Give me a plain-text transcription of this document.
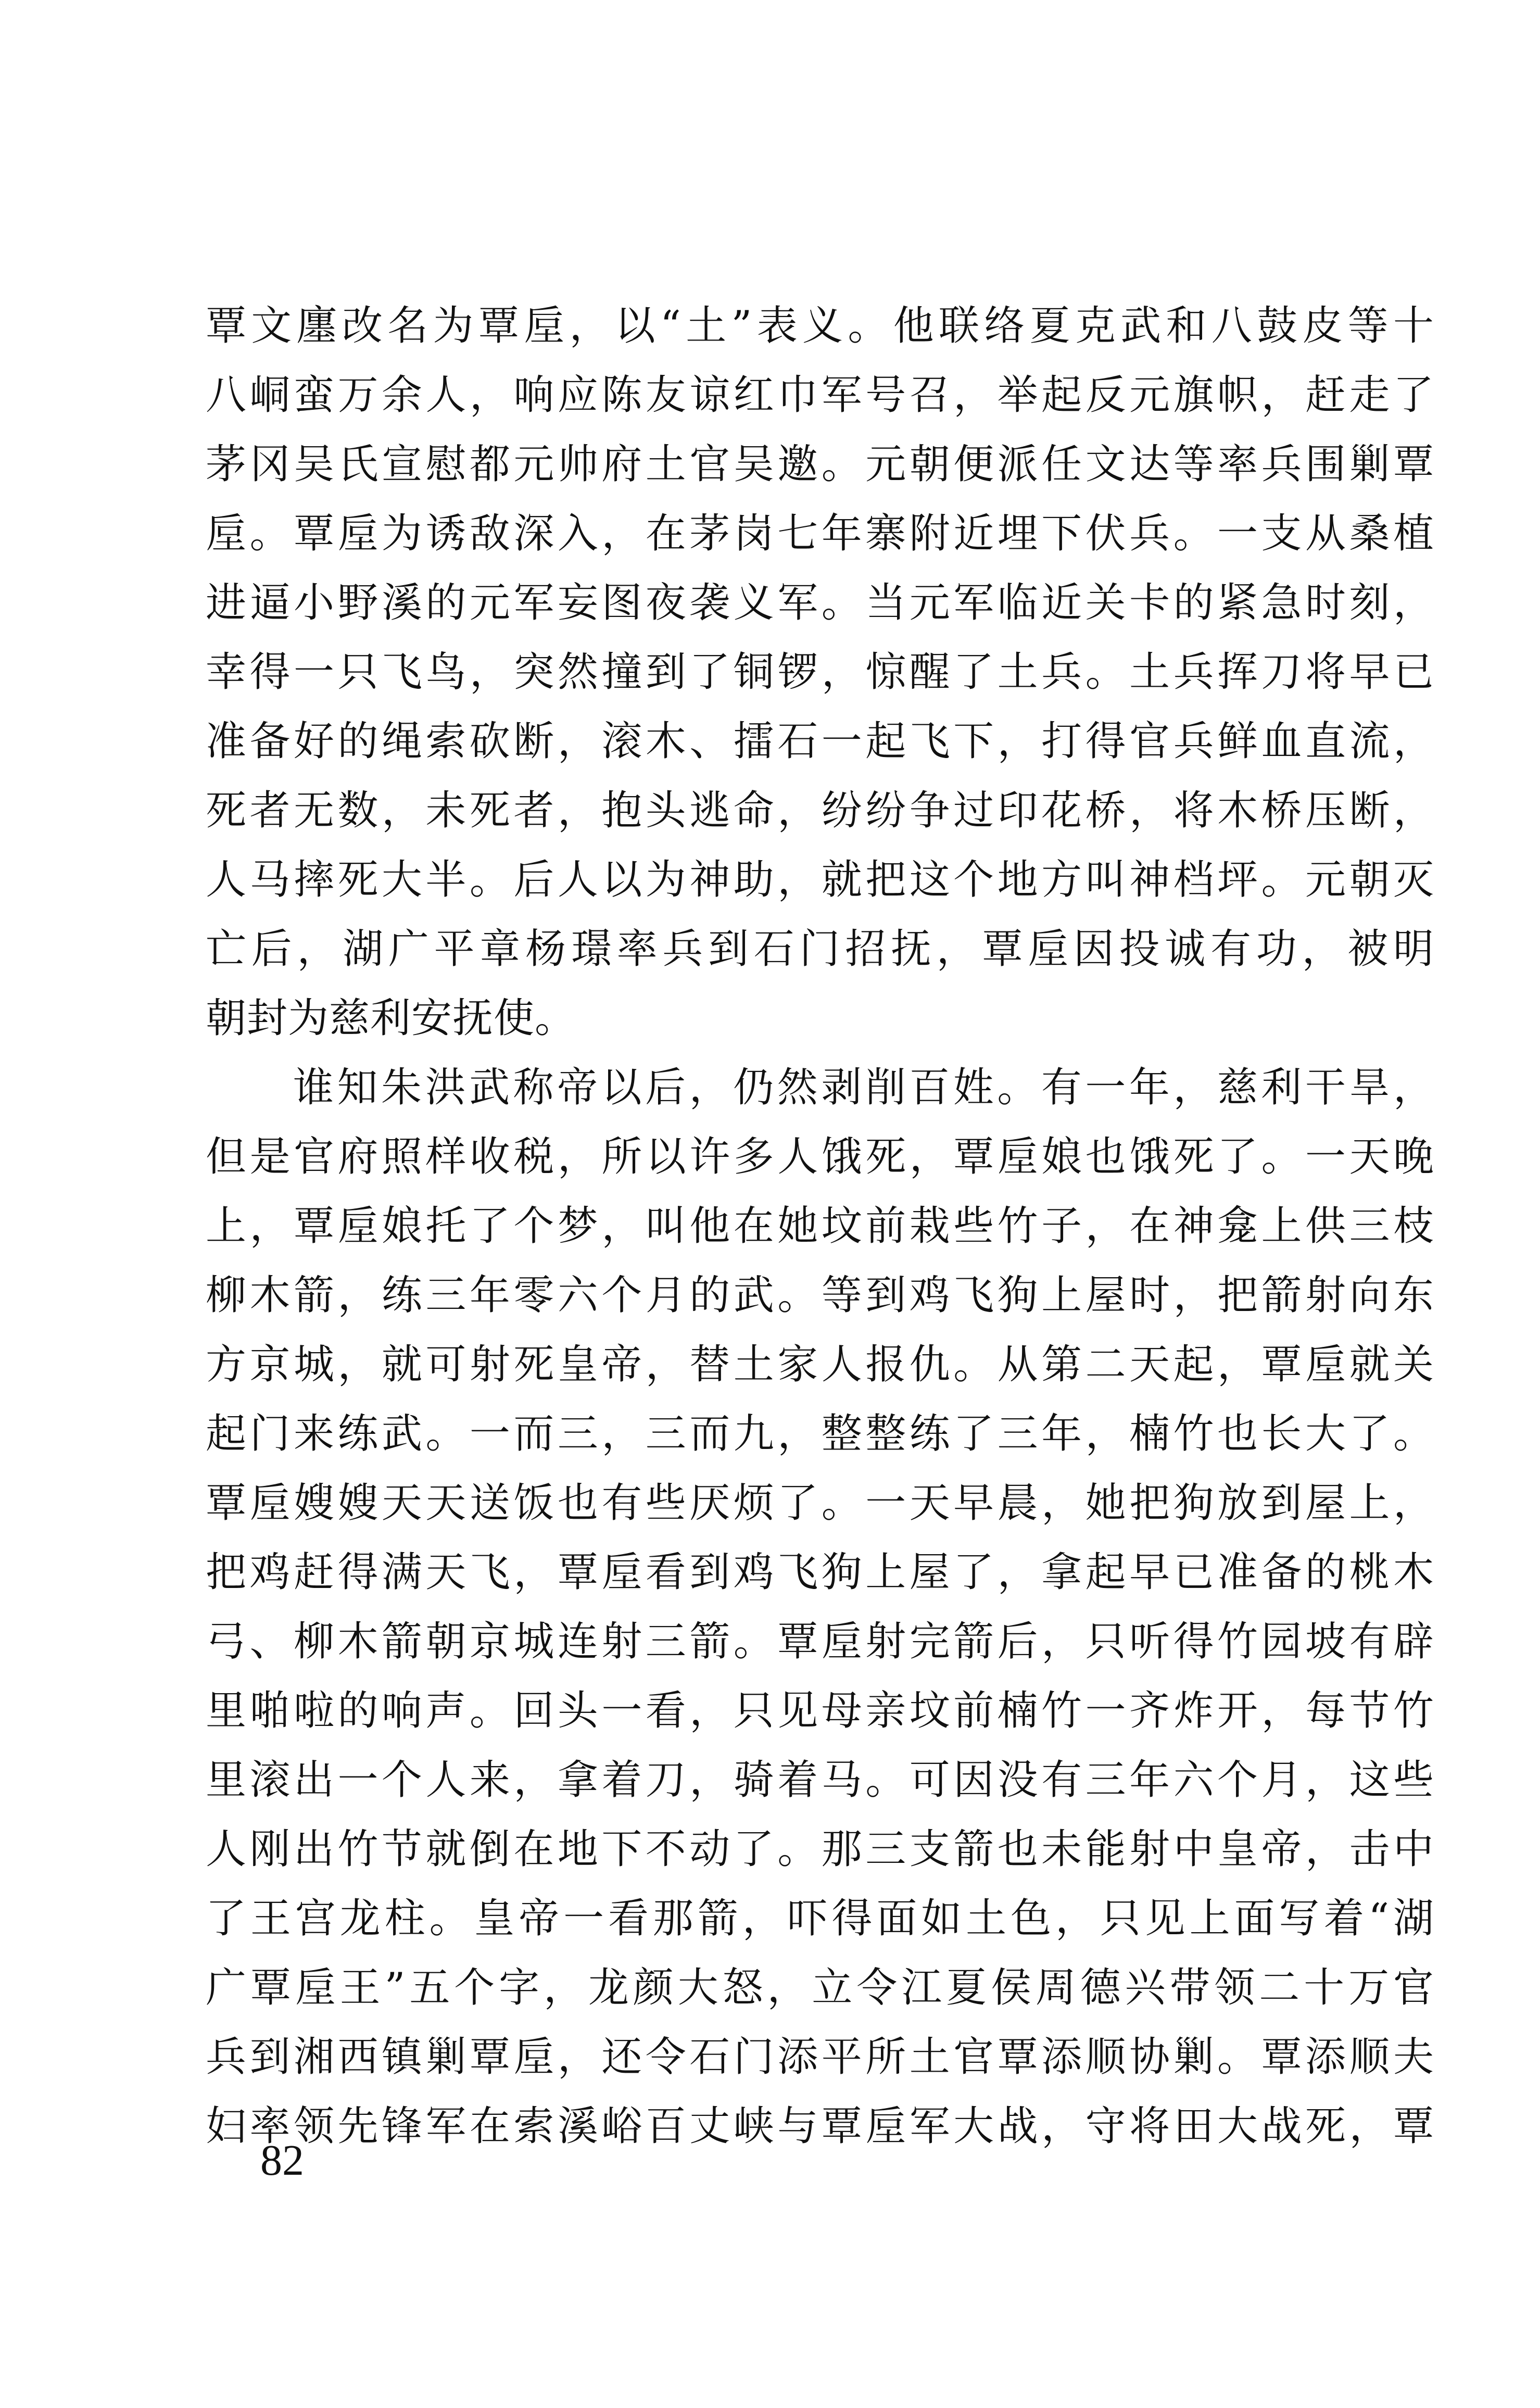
覃文廛改名为覃垕，以“土”表义。他联络夏克武和八鼓皮等十
八峒蛮万余人，响应陈友谅红巾军号召，举起反元旗帜，赶走了
茅冈吴氏宣慰都元帅府土官吴邀。元朝便派任文达等率兵围剿覃
垕。覃垕为诱敌深入，在茅岗七年寨附近埋下伏兵。一支从桑植
进逼小野溪的元军妄图夜袭义军。当元军临近关卡的紧急时刻，
幸得一只飞鸟，突然撞到了铜锣，惊醒了土兵。土兵挥刀将早已
准备好的绳索砍断，滚木、擂石一起飞下，打得官兵鲜血直流，
死者无数，未死者，抱头逃命，纷纷争过印花桥，将木桥压断，
人马摔死大半。后人以为神助，就把这个地方叫神档坪。元朝灭
亡后，湖广平章杨璟率兵到石门招抚，覃垕因投诚有功，被明
朝封为慈利安抚使。
谁知朱洪武称帝以后，仍然剥削百姓。有一年，慈利干旱，
但是官府照样收税，所以许多人饿死，覃垕娘也饿死了。一天晚
上，覃垕娘托了个梦，叫他在她坟前栽些竹子，在神龛上供三枝
柳木箭，练三年零六个月的武。等到鸡飞狗上屋时，把箭射向东
方京城，就可射死皇帝，替土家人报仇。从第二天起，覃垕就关
起门来练武。一而三，三而九，整整练了三年，楠竹也长大了。
覃垕嫂嫂天天送饭也有些厌烦了。一天早晨，她把狗放到屋上，
把鸡赶得满天飞，覃垕看到鸡飞狗上屋了，拿起早已准备的桃木
弓、柳木箭朝京城连射三箭。覃垕射完箭后，只听得竹园坡有辟
里啪啦的响声。回头一看，只见母亲坟前楠竹一齐炸开，每节竹
里滚出一个人来，拿着刀，骑着马。可因没有三年六个月，这些
人刚出竹节就倒在地下不动了。那三支箭也未能射中皇帝，击中
了王宫龙柱。皇帝一看那箭，吓得面如土色，只见上面写着“湖
广覃垕王”五个字，龙颜大怒，立令江夏侯周德兴带领二十万官
兵到湘西镇剿覃垕，还令石门添平所土官覃添顺协剿。覃添顺夫
妇率领先锋军在索溪峪百丈峡与覃垕军大战，守将田大战死，覃
82
